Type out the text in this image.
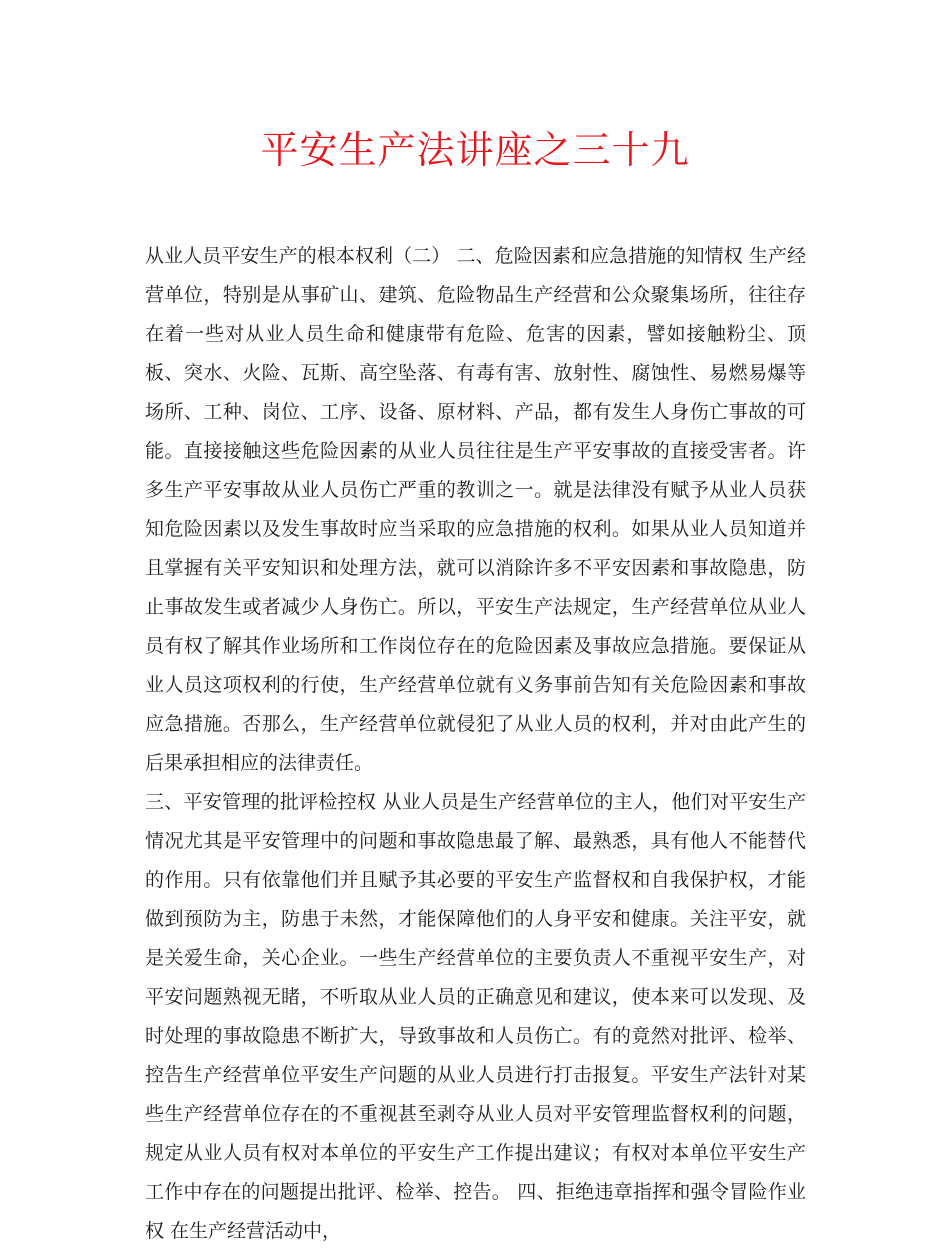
平安生产法讲座之三十九

从业人员平安生产的根本权利（二） 二、危险因素和应急措施的知情权 生产经营单位，特别是从事矿山、建筑、危险物品生产经营和公众聚集场所，往往存在着一些对从业人员生命和健康带有危险、危害的因素，譬如接触粉尘、顶板、突水、火险、瓦斯、高空坠落、有毒有害、放射性、腐蚀性、易燃易爆等场所、工种、岗位、工序、设备、原材料、产品，都有发生人身伤亡事故的可能。直接接触这些危险因素的从业人员往往是生产平安事故的直接受害者。许多生产平安事故从业人员伤亡严重的教训之一。就是法律没有赋予从业人员获知危险因素以及发生事故时应当采取的应急措施的权利。如果从业人员知道并且掌握有关平安知识和处理方法，就可以消除许多不平安因素和事故隐患，防止事故发生或者减少人身伤亡。所以，平安生产法规定，生产经营单位从业人员有权了解其作业场所和工作岗位存在的危险因素及事故应急措施。要保证从业人员这项权利的行使，生产经营单位就有义务事前告知有关危险因素和事故应急措施。否那么，生产经营单位就侵犯了从业人员的权利，并对由此产生的后果承担相应的法律责任。

三、平安管理的批评检控权 从业人员是生产经营单位的主人，他们对平安生产情况尤其是平安管理中的问题和事故隐患最了解、最熟悉，具有他人不能替代的作用。只有依靠他们并且赋予其必要的平安生产监督权和自我保护权，才能做到预防为主，防患于未然，才能保障他们的人身平安和健康。关注平安，就是关爱生命，关心企业。一些生产经营单位的主要负责人不重视平安生产，对平安问题熟视无睹，不听取从业人员的正确意见和建议，使本来可以发现、及时处理的事故隐患不断扩大，导致事故和人员伤亡。有的竟然对批评、检举、控告生产经营单位平安生产问题的从业人员进行打击报复。平安生产法针对某些生产经营单位存在的不重视甚至剥夺从业人员对平安管理监督权利的问题，规定从业人员有权对本单位的平安生产工作提出建议；有权对本单位平安生产工作中存在的问题提出批评、检举、控告。 四、拒绝违章指挥和强令冒险作业权 在生产经营活动中，
